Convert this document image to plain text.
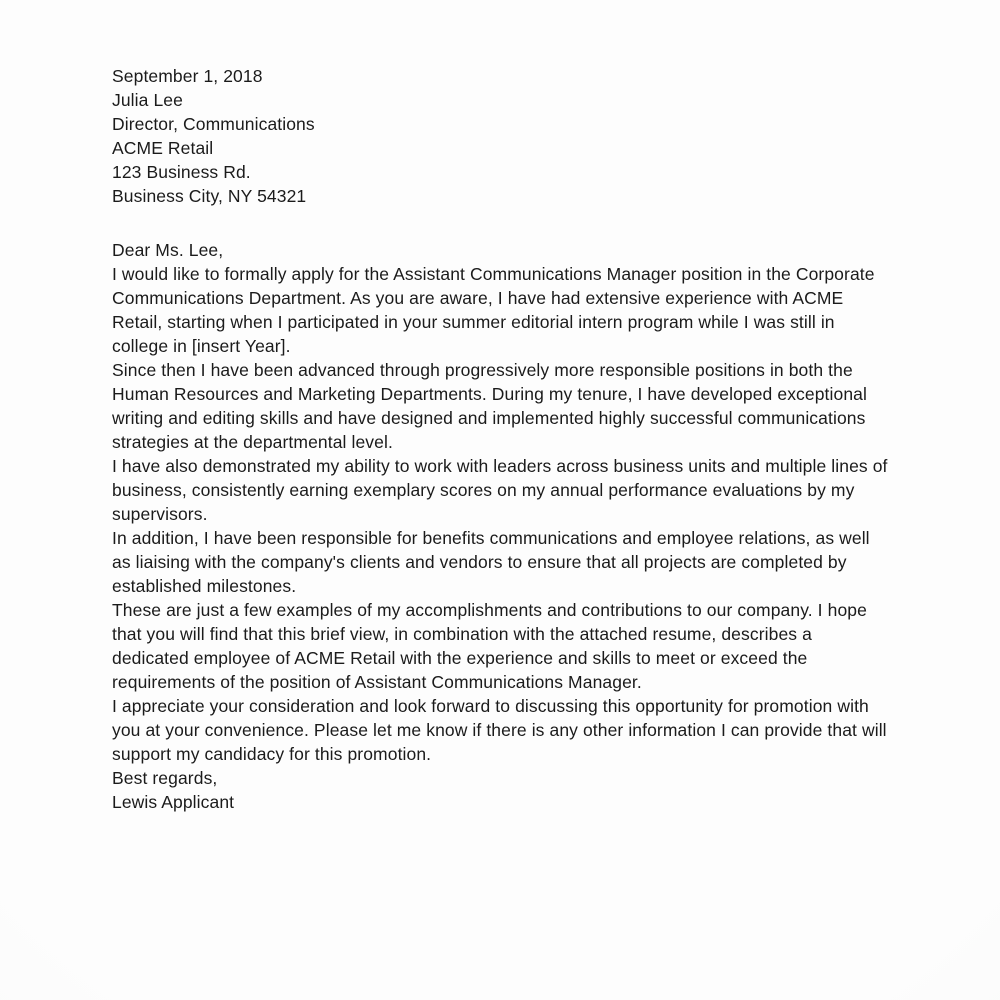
September 1, 2018

Julia Lee

Director, Communications

ACME Retail

123 Business Rd.

Business City, NY 54321

Dear Ms. Lee,

I would like to formally apply for the Assistant Communications Manager position in the Corporate Communications Department. As you are aware, I have had extensive experience with ACME Retail, starting when I participated in your summer editorial intern program while I was still in college in [insert Year].

Since then I have been advanced through progressively more responsible positions in both the Human Resources and Marketing Departments. During my tenure, I have developed exceptional writing and editing skills and have designed and implemented highly successful communications strategies at the departmental level.

I have also demonstrated my ability to work with leaders across business units and multiple lines of business, consistently earning exemplary scores on my annual performance evaluations by my supervisors.

In addition, I have been responsible for benefits communications and employee relations, as well as liaising with the company's clients and vendors to ensure that all projects are completed by established milestones.

These are just a few examples of my accomplishments and contributions to our company. I hope that you will find that this brief view, in combination with the attached resume, describes a dedicated employee of ACME Retail with the experience and skills to meet or exceed the requirements of the position of Assistant Communications Manager.

I appreciate your consideration and look forward to discussing this opportunity for promotion with you at your convenience. Please let me know if there is any other information I can provide that will support my candidacy for this promotion.

Best regards,

Lewis Applicant
